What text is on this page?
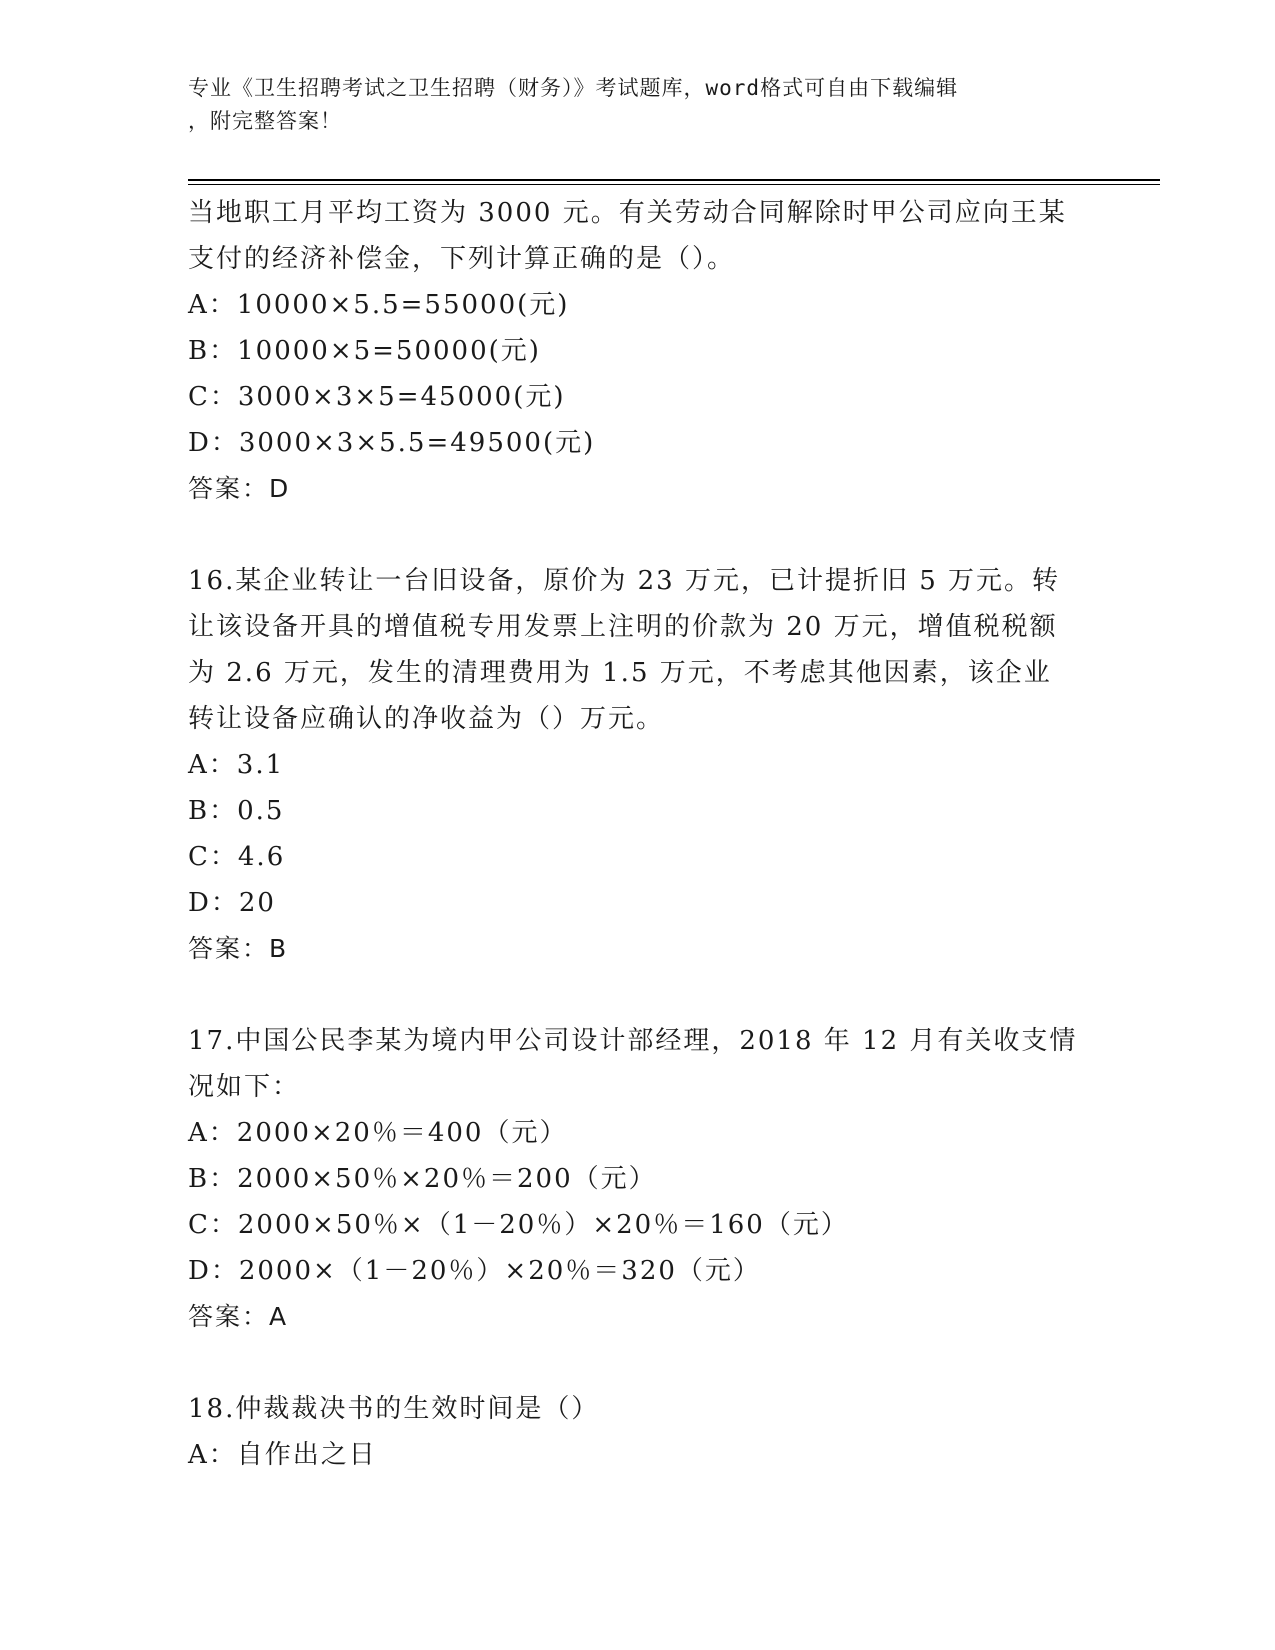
专业《卫生招聘考试之卫生招聘（财务）》考试题库，word格式可自由下载编辑
，附完整答案！

当地职工月平均工资为 3000 元。有关劳动合同解除时甲公司应向王某

支付的经济补偿金，下列计算正确的是（）。

A：10000×5.5=55000(元)

B：10000×5=50000(元)

C：3000×3×5=45000(元)

D：3000×3×5.5=49500(元)

答案：D

16.某企业转让一台旧设备，原价为 23 万元，已计提折旧 5 万元。转

让该设备开具的增值税专用发票上注明的价款为 20 万元，增值税税额

为 2.6 万元，发生的清理费用为 1.5 万元，不考虑其他因素，该企业

转让设备应确认的净收益为（）万元。

A：3.1

B：0.5

C：4.6

D：20

答案：B

17.中国公民李某为境内甲公司设计部经理，2018 年 12 月有关收支情

况如下：

A：2000×20％＝400（元）

B：2000×50％×20％＝200（元）

C：2000×50％×（1－20％）×20％＝160（元）

D：2000×（1－20％）×20％＝320（元）

答案：A

18.仲裁裁决书的生效时间是（）

A：自作出之日
